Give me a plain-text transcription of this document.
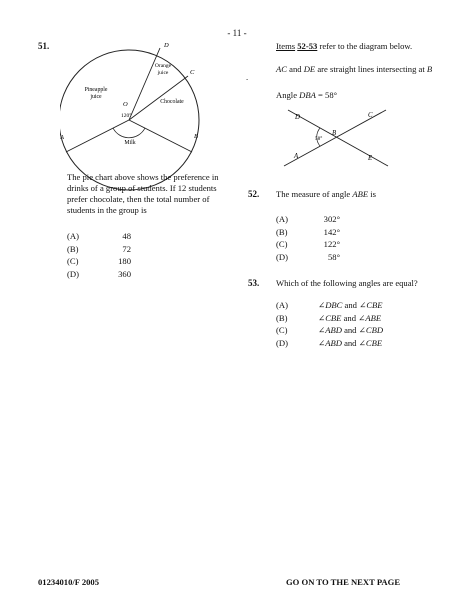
- 11 -
51.	D
C
B
A
O
Orange
juice
Pineapple
juice
Chocolate
Milk
120°
The pie chart above shows the preference in
drinks of a group of students. If 12 students
prefer chocolate, then the total number of
students in the group is
(A)	48
(B)	72
(C)	180
(D)	360
Items 52-53 refer to the diagram below.
AC and DE are straight lines intersecting at B
.
Angle DBA = 58°
D	C
A	E
B
58°
52. The measure of angle ABE is
(A)	302°
(B)	142°
(C)	122°
(D)	58°
53. Which of the following angles are equal?
(A)	∠DBC and ∠CBE
(B)	∠CBE and ∠ABE
(C)	∠ABD and ∠CBD
(D)	∠ABD and ∠CBE
01234010/F 2005	GO ON TO THE NEXT PAGE
